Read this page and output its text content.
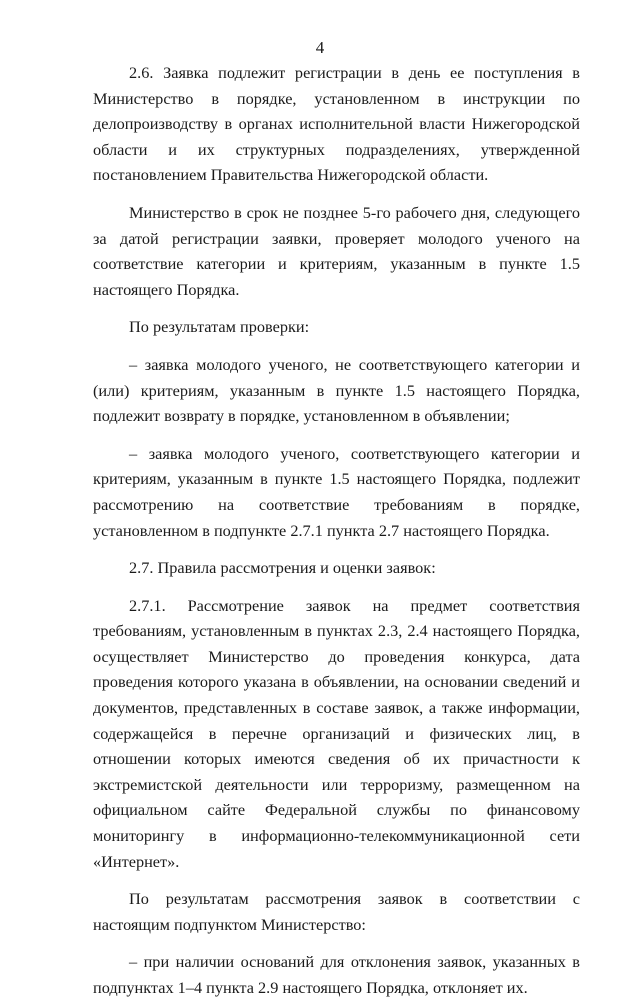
4

2.6. Заявка подлежит регистрации в день ее поступления в Министерство в порядке, установленном в инструкции по делопроизводству в органах исполнительной власти Нижегородской области и их структурных подразделениях, утвержденной постановлением Правительства Нижегородской области.

Министерство в срок не позднее 5-го рабочего дня, следующего за датой регистрации заявки, проверяет молодого ученого на соответствие категории и критериям, указанным в пункте 1.5 настоящего Порядка.

По результатам проверки:

– заявка молодого ученого, не соответствующего категории и (или) критериям, указанным в пункте 1.5 настоящего Порядка, подлежит возврату в порядке, установленном в объявлении;

– заявка молодого ученого, соответствующего категории и критериям, указанным в пункте 1.5 настоящего Порядка, подлежит рассмотрению на соответствие требованиям в порядке, установленном в подпункте 2.7.1 пункта 2.7 настоящего Порядка.

2.7. Правила рассмотрения и оценки заявок:

2.7.1. Рассмотрение заявок на предмет соответствия требованиям, установленным в пунктах 2.3, 2.4 настоящего Порядка, осуществляет Министерство до проведения конкурса, дата проведения которого указана в объявлении, на основании сведений и документов, представленных в составе заявок, а также информации, содержащейся в перечне организаций и физических лиц, в отношении которых имеются сведения об их причастности к экстремистской деятельности или терроризму, размещенном на официальном сайте Федеральной службы по финансовому мониторингу в информационно-телекоммуникационной сети «Интернет».

По результатам рассмотрения заявок в соответствии с настоящим подпунктом Министерство:

– при наличии оснований для отклонения заявок, указанных в подпунктах 1–4 пункта 2.9 настоящего Порядка, отклоняет их.
